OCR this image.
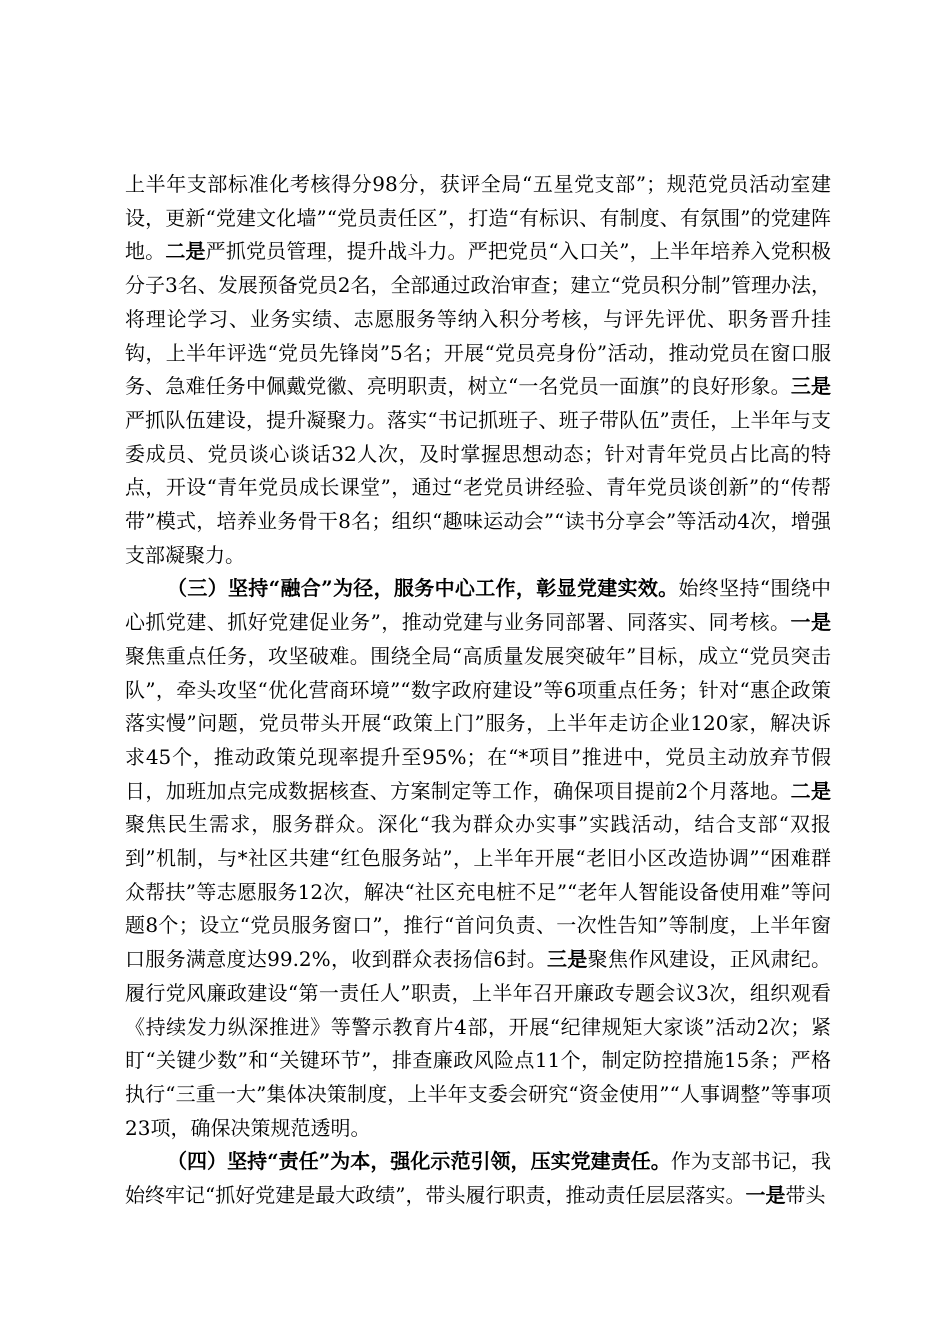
上半年支部标准化考核得分98分，获评全局“五星党支部”；规范党员活动室建设，更新“党建文化墙”“党员责任区”，打造“有标识、有制度、有氛围”的党建阵地。二是严抓党员管理，提升战斗力。严把党员“入口关”，上半年培养入党积极分子3名、发展预备党员2名，全部通过政治审查；建立“党员积分制”管理办法，将理论学习、业务实绩、志愿服务等纳入积分考核，与评先评优、职务晋升挂钩，上半年评选“党员先锋岗”5名；开展“党员亮身份”活动，推动党员在窗口服务、急难任务中佩戴党徽、亮明职责，树立“一名党员一面旗”的良好形象。三是严抓队伍建设，提升凝聚力。落实“书记抓班子、班子带队伍”责任，上半年与支委成员、党员谈心谈话32人次，及时掌握思想动态；针对青年党员占比高的特点，开设“青年党员成长课堂”，通过“老党员讲经验、青年党员谈创新”的“传帮带”模式，培养业务骨干8名；组织“趣味运动会”“读书分享会”等活动4次，增强支部凝聚力。

（三）坚持“融合”为径，服务中心工作，彰显党建实效。始终坚持“围绕中心抓党建、抓好党建促业务”，推动党建与业务同部署、同落实、同考核。一是聚焦重点任务，攻坚破难。围绕全局“高质量发展突破年”目标，成立“党员突击队”，牵头攻坚“优化营商环境”“数字政府建设”等6项重点任务；针对“惠企政策落实慢”问题，党员带头开展“政策上门”服务，上半年走访企业120家，解决诉求45个，推动政策兑现率提升至95%；在“*项目”推进中，党员主动放弃节假日，加班加点完成数据核查、方案制定等工作，确保项目提前2个月落地。二是聚焦民生需求，服务群众。深化“我为群众办实事”实践活动，结合支部“双报到”机制，与*社区共建“红色服务站”，上半年开展“老旧小区改造协调”“困难群众帮扶”等志愿服务12次，解决“社区充电桩不足”“老年人智能设备使用难”等问题8个；设立“党员服务窗口”，推行“首问负责、一次性告知”等制度，上半年窗口服务满意度达99.2%，收到群众表扬信6封。三是聚焦作风建设，正风肃纪。履行党风廉政建设“第一责任人”职责，上半年召开廉政专题会议3次，组织观看《持续发力纵深推进》等警示教育片4部，开展“纪律规矩大家谈”活动2次；紧盯“关键少数”和“关键环节”，排查廉政风险点11个，制定防控措施15条；严格执行“三重一大”集体决策制度，上半年支委会研究“资金使用”“人事调整”等事项23项，确保决策规范透明。

（四）坚持“责任”为本，强化示范引领，压实党建责任。作为支部书记，我始终牢记“抓好党建是最大政绩”，带头履行职责，推动责任层层落实。一是带头
